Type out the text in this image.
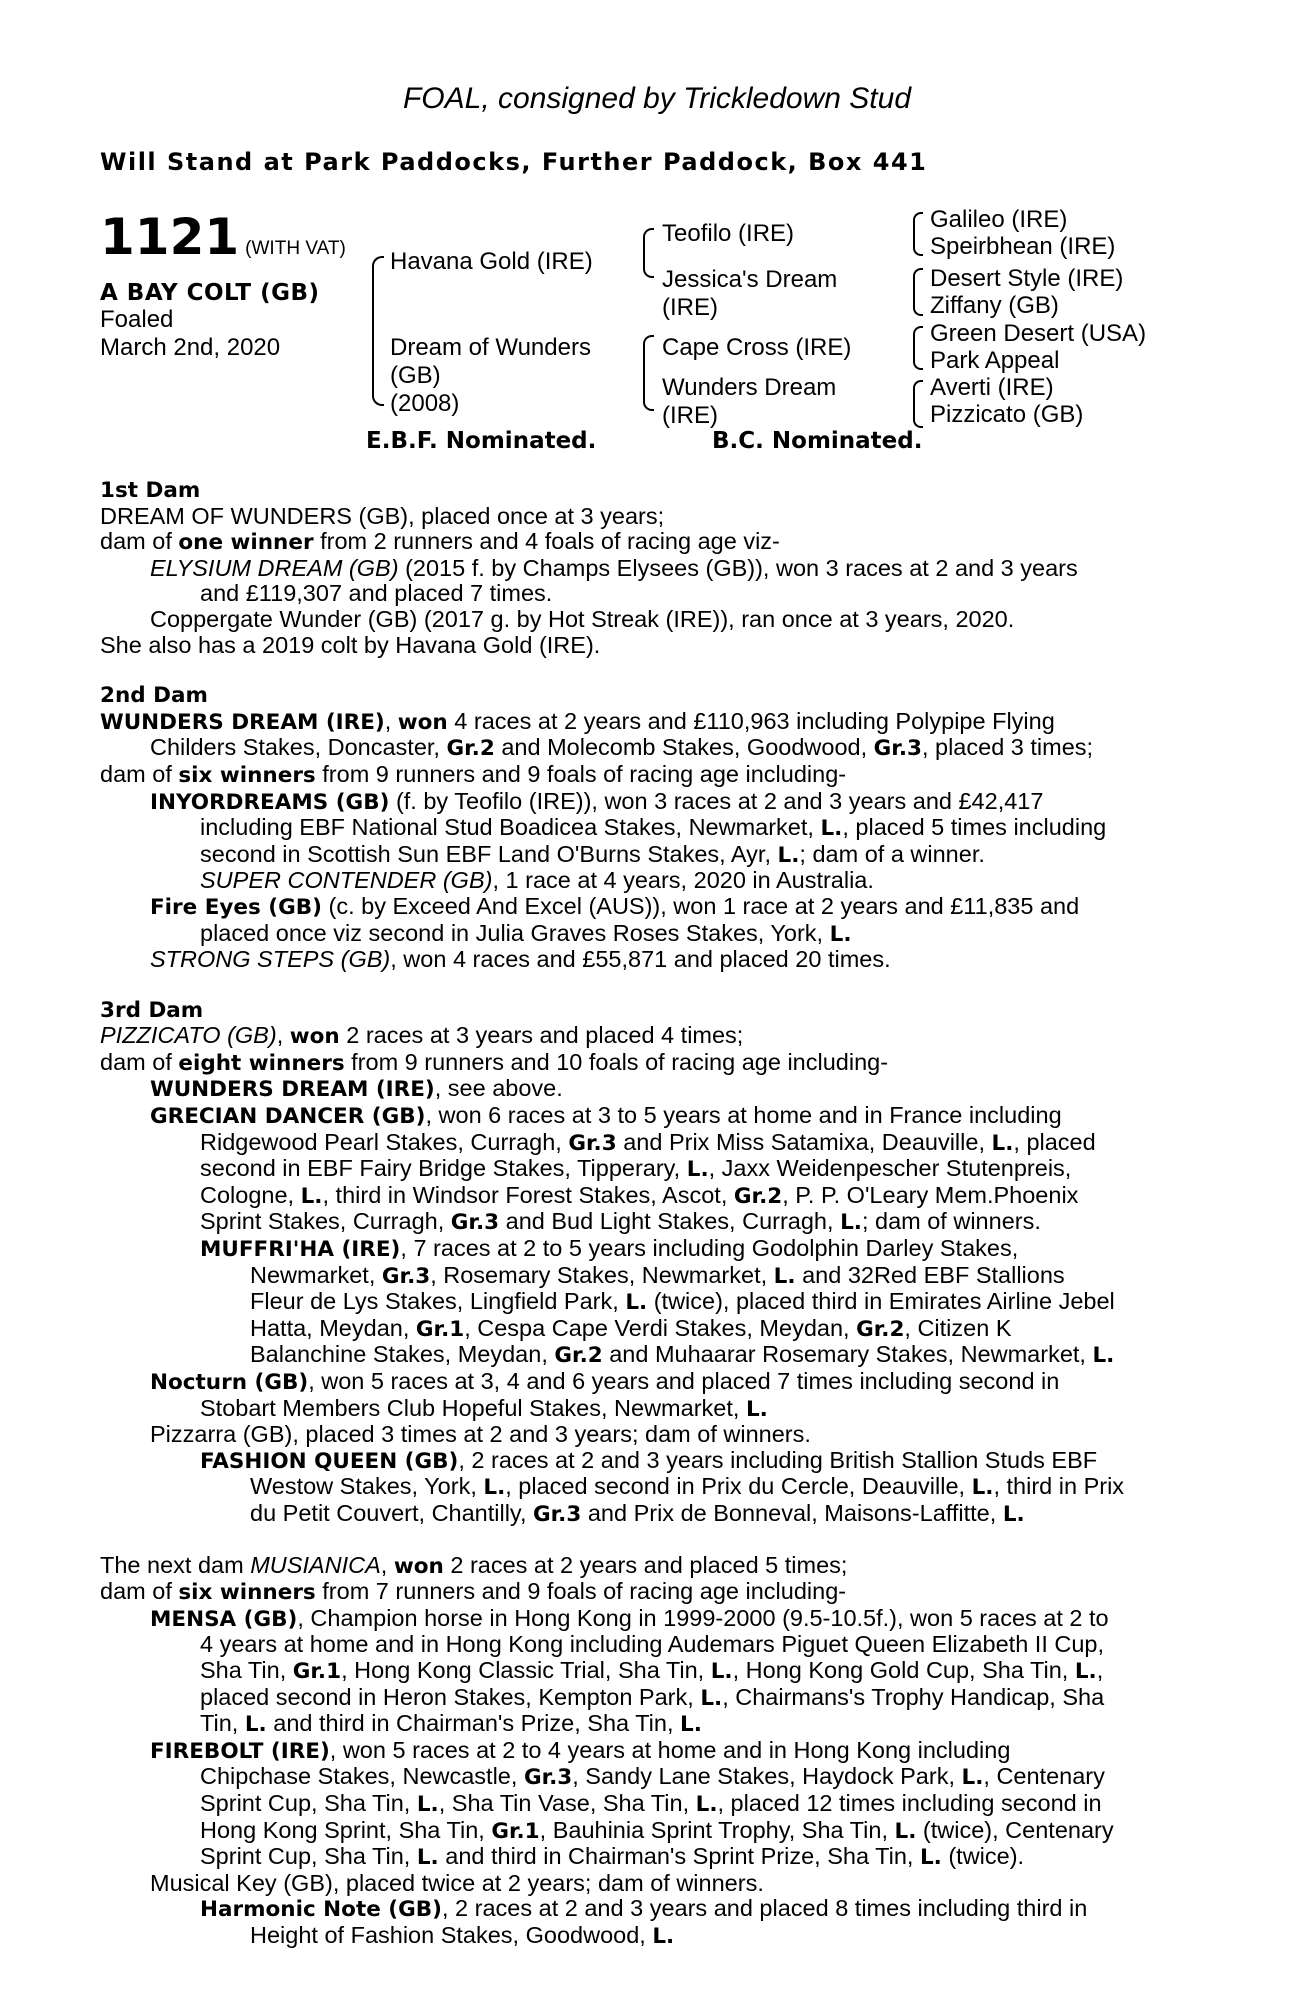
FOAL, consigned by Trickledown Stud
Will Stand at Park Paddocks, Further Paddock, Box 441
1121 (WITH VAT)
A BAY COLT (GB)
Foaled
March 2nd, 2020
Havana Gold (IRE)
Dream of Wunders
(GB)
(2008)
Teofilo (IRE)
Jessica's Dream
(IRE)
Cape Cross (IRE)
Wunders Dream
(IRE)
Galileo (IRE)
Speirbhean (IRE)
Desert Style (IRE)
Ziffany (GB)
Green Desert (USA)
Park Appeal
Averti (IRE)
Pizzicato (GB)
E.B.F. Nominated.	B.C. Nominated.
1st Dam
DREAM OF WUNDERS (GB), placed once at 3 years;
dam of one winner from 2 runners and 4 foals of racing age viz-
ELYSIUM DREAM (GB) (2015 f. by Champs Elysees (GB)), won 3 races at 2 and 3 years
and £119,307 and placed 7 times.
Coppergate Wunder (GB) (2017 g. by Hot Streak (IRE)), ran once at 3 years, 2020.
She also has a 2019 colt by Havana Gold (IRE).
2nd Dam
WUNDERS DREAM (IRE), won 4 races at 2 years and £110,963 including Polypipe Flying
Childers Stakes, Doncaster, Gr.2 and Molecomb Stakes, Goodwood, Gr.3, placed 3 times;
dam of six winners from 9 runners and 9 foals of racing age including-
INYORDREAMS (GB) (f. by Teofilo (IRE)), won 3 races at 2 and 3 years and £42,417
including EBF National Stud Boadicea Stakes, Newmarket, L., placed 5 times including
second in Scottish Sun EBF Land O'Burns Stakes, Ayr, L.; dam of a winner.
SUPER CONTENDER (GB), 1 race at 4 years, 2020 in Australia.
Fire Eyes (GB) (c. by Exceed And Excel (AUS)), won 1 race at 2 years and £11,835 and
placed once viz second in Julia Graves Roses Stakes, York, L.
STRONG STEPS (GB), won 4 races and £55,871 and placed 20 times.
3rd Dam
PIZZICATO (GB), won 2 races at 3 years and placed 4 times;
dam of eight winners from 9 runners and 10 foals of racing age including-
WUNDERS DREAM (IRE), see above.
GRECIAN DANCER (GB), won 6 races at 3 to 5 years at home and in France including
Ridgewood Pearl Stakes, Curragh, Gr.3 and Prix Miss Satamixa, Deauville, L., placed
second in EBF Fairy Bridge Stakes, Tipperary, L., Jaxx Weidenpescher Stutenpreis,
Cologne, L., third in Windsor Forest Stakes, Ascot, Gr.2, P. P. O'Leary Mem.Phoenix
Sprint Stakes, Curragh, Gr.3 and Bud Light Stakes, Curragh, L.; dam of winners.
MUFFRI'HA (IRE), 7 races at 2 to 5 years including Godolphin Darley Stakes,
Newmarket, Gr.3, Rosemary Stakes, Newmarket, L. and 32Red EBF Stallions
Fleur de Lys Stakes, Lingfield Park, L. (twice), placed third in Emirates Airline Jebel
Hatta, Meydan, Gr.1, Cespa Cape Verdi Stakes, Meydan, Gr.2, Citizen K
Balanchine Stakes, Meydan, Gr.2 and Muhaarar Rosemary Stakes, Newmarket, L.
Nocturn (GB), won 5 races at 3, 4 and 6 years and placed 7 times including second in
Stobart Members Club Hopeful Stakes, Newmarket, L.
Pizzarra (GB), placed 3 times at 2 and 3 years; dam of winners.
FASHION QUEEN (GB), 2 races at 2 and 3 years including British Stallion Studs EBF
Westow Stakes, York, L., placed second in Prix du Cercle, Deauville, L., third in Prix
du Petit Couvert, Chantilly, Gr.3 and Prix de Bonneval, Maisons-Laffitte, L.
The next dam MUSIANICA, won 2 races at 2 years and placed 5 times;
dam of six winners from 7 runners and 9 foals of racing age including-
MENSA (GB), Champion horse in Hong Kong in 1999-2000 (9.5-10.5f.), won 5 races at 2 to
4 years at home and in Hong Kong including Audemars Piguet Queen Elizabeth II Cup,
Sha Tin, Gr.1, Hong Kong Classic Trial, Sha Tin, L., Hong Kong Gold Cup, Sha Tin, L.,
placed second in Heron Stakes, Kempton Park, L., Chairmans's Trophy Handicap, Sha
Tin, L. and third in Chairman's Prize, Sha Tin, L.
FIREBOLT (IRE), won 5 races at 2 to 4 years at home and in Hong Kong including
Chipchase Stakes, Newcastle, Gr.3, Sandy Lane Stakes, Haydock Park, L., Centenary
Sprint Cup, Sha Tin, L., Sha Tin Vase, Sha Tin, L., placed 12 times including second in
Hong Kong Sprint, Sha Tin, Gr.1, Bauhinia Sprint Trophy, Sha Tin, L. (twice), Centenary
Sprint Cup, Sha Tin, L. and third in Chairman's Sprint Prize, Sha Tin, L. (twice).
Musical Key (GB), placed twice at 2 years; dam of winners.
Harmonic Note (GB), 2 races at 2 and 3 years and placed 8 times including third in
Height of Fashion Stakes, Goodwood, L.
